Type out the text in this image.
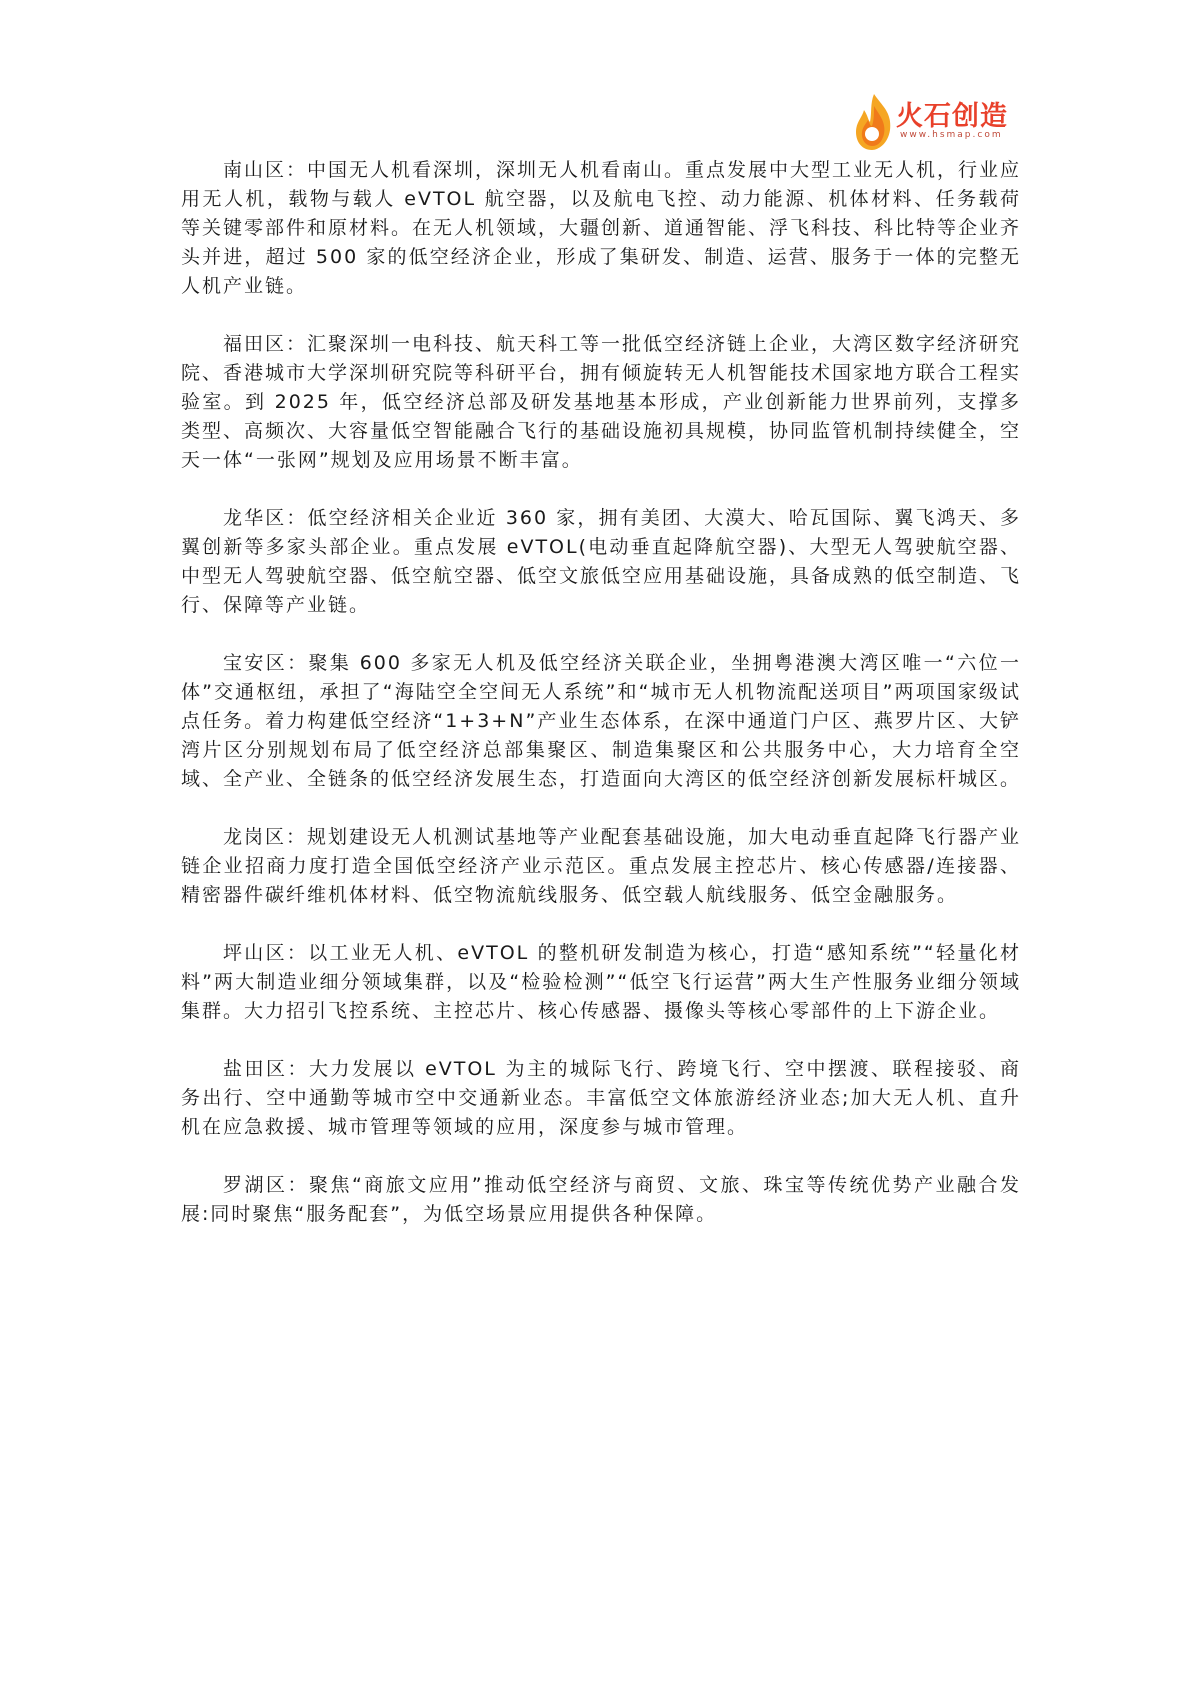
火石创造
www.hsmap.com

南山区：中国无人机看深圳，深圳无人机看南山。重点发展中大型工业无人机，行业应用无人机，载物与载人 eVTOL 航空器，以及航电飞控、动力能源、机体材料、任务载荷等关键零部件和原材料。在无人机领域，大疆创新、道通智能、浮飞科技、科比特等企业齐头并进，超过 500 家的低空经济企业，形成了集研发、制造、运营、服务于一体的完整无人机产业链。

福田区：汇聚深圳一电科技、航天科工等一批低空经济链上企业，大湾区数字经济研究院、香港城市大学深圳研究院等科研平台，拥有倾旋转无人机智能技术国家地方联合工程实验室。到 2025 年，低空经济总部及研发基地基本形成，产业创新能力世界前列，支撑多类型、高频次、大容量低空智能融合飞行的基础设施初具规模，协同监管机制持续健全，空天一体“一张网”规划及应用场景不断丰富。

龙华区：低空经济相关企业近 360 家，拥有美团、大漠大、哈瓦国际、翼飞鸿天、多翼创新等多家头部企业。重点发展 eVTOL(电动垂直起降航空器)、大型无人驾驶航空器、中型无人驾驶航空器、低空航空器、低空文旅低空应用基础设施，具备成熟的低空制造、飞行、保障等产业链。

宝安区：聚集 600 多家无人机及低空经济关联企业，坐拥粤港澳大湾区唯一“六位一体”交通枢纽，承担了“海陆空全空间无人系统”和“城市无人机物流配送项目”两项国家级试点任务。着力构建低空经济“1+3+N”产业生态体系，在深中通道门户区、燕罗片区、大铲湾片区分别规划布局了低空经济总部集聚区、制造集聚区和公共服务中心，大力培育全空域、全产业、全链条的低空经济发展生态，打造面向大湾区的低空经济创新发展标杆城区。

龙岗区：规划建设无人机测试基地等产业配套基础设施，加大电动垂直起降飞行器产业链企业招商力度打造全国低空经济产业示范区。重点发展主控芯片、核心传感器/连接器、精密器件碳纤维机体材料、低空物流航线服务、低空载人航线服务、低空金融服务。

坪山区：以工业无人机、eVTOL 的整机研发制造为核心，打造“感知系统”“轻量化材料”两大制造业细分领域集群，以及“检验检测”“低空飞行运营”两大生产性服务业细分领域集群。大力招引飞控系统、主控芯片、核心传感器、摄像头等核心零部件的上下游企业。

盐田区：大力发展以 eVTOL 为主的城际飞行、跨境飞行、空中摆渡、联程接驳、商务出行、空中通勤等城市空中交通新业态。丰富低空文体旅游经济业态;加大无人机、直升机在应急救援、城市管理等领域的应用，深度参与城市管理。

罗湖区：聚焦“商旅文应用”推动低空经济与商贸、文旅、珠宝等传统优势产业融合发展:同时聚焦“服务配套”，为低空场景应用提供各种保障。
